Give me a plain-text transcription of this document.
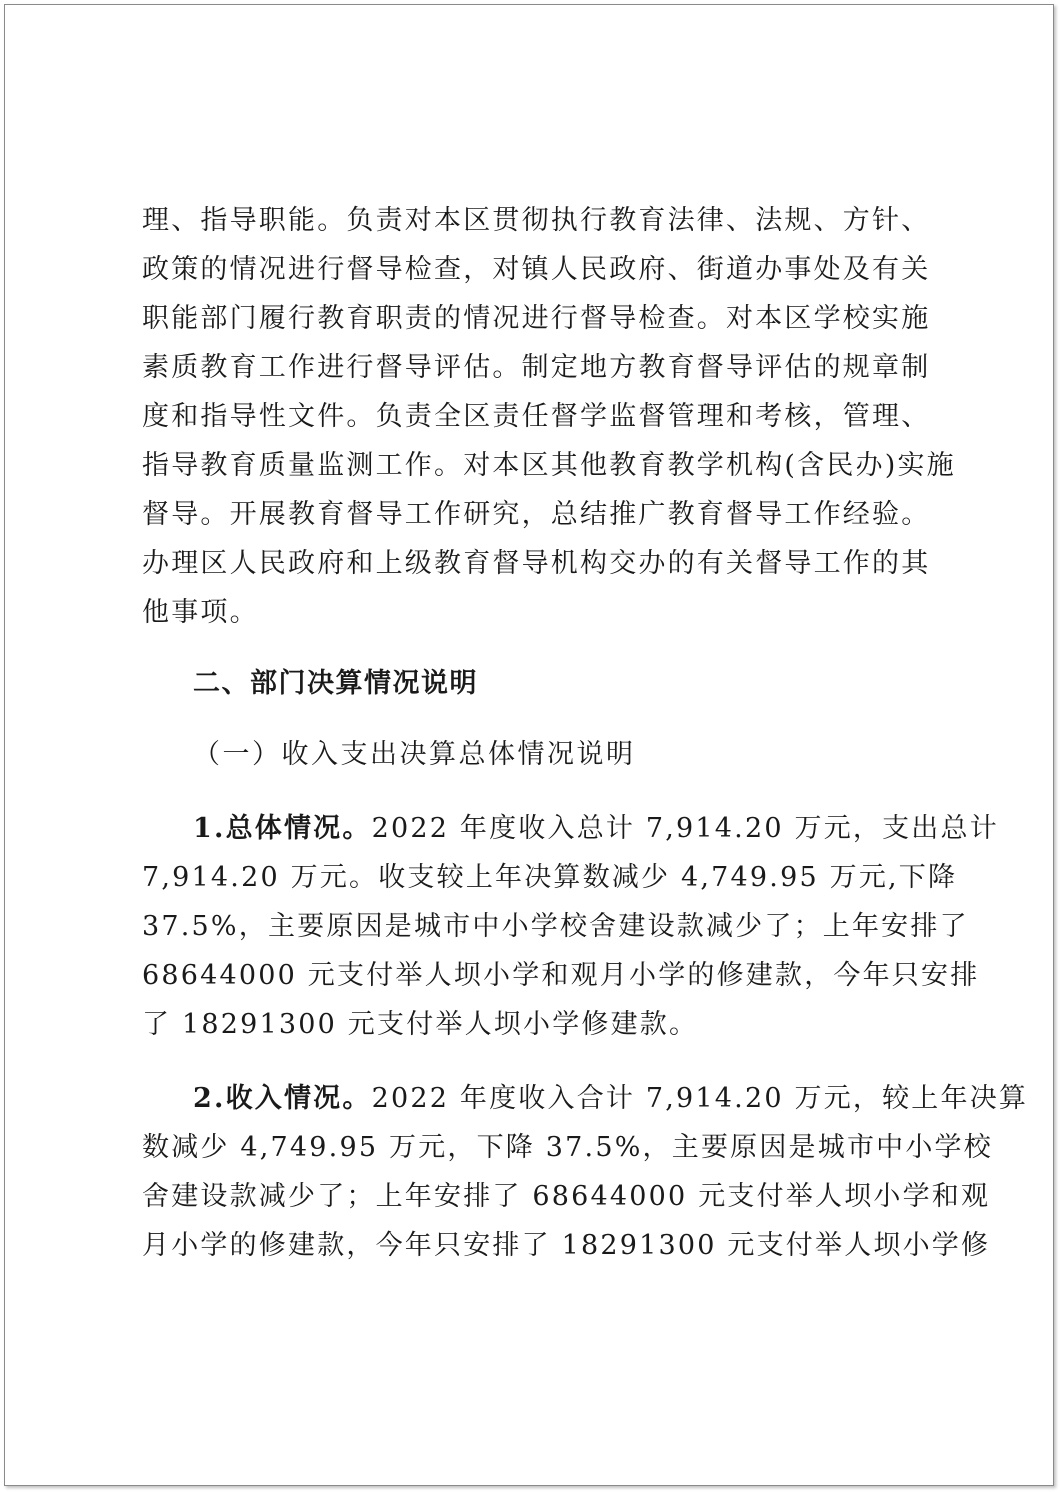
理、指导职能。负责对本区贯彻执行教育法律、法规、方针、
政策的情况进行督导检查，对镇人民政府、街道办事处及有关
职能部门履行教育职责的情况进行督导检查。对本区学校实施
素质教育工作进行督导评估。制定地方教育督导评估的规章制
度和指导性文件。负责全区责任督学监督管理和考核，管理、
指导教育质量监测工作。对本区其他教育教学机构(含民办)实施
督导。开展教育督导工作研究，总结推广教育督导工作经验。
办理区人民政府和上级教育督导机构交办的有关督导工作的其
他事项。
二、部门决算情况说明
（一）收入支出决算总体情况说明
1.总体情况。2022 年度收入总计 7,914.20 万元，支出总计
7,914.20 万元。收支较上年决算数减少 4,749.95 万元,下降
37.5%，主要原因是城市中小学校舍建设款减少了；上年安排了
68644000 元支付举人坝小学和观月小学的修建款，今年只安排
了 18291300 元支付举人坝小学修建款。
2.收入情况。2022 年度收入合计 7,914.20 万元，较上年决算
数减少 4,749.95 万元，下降 37.5%，主要原因是城市中小学校
舍建设款减少了；上年安排了 68644000 元支付举人坝小学和观
月小学的修建款，今年只安排了 18291300 元支付举人坝小学修
